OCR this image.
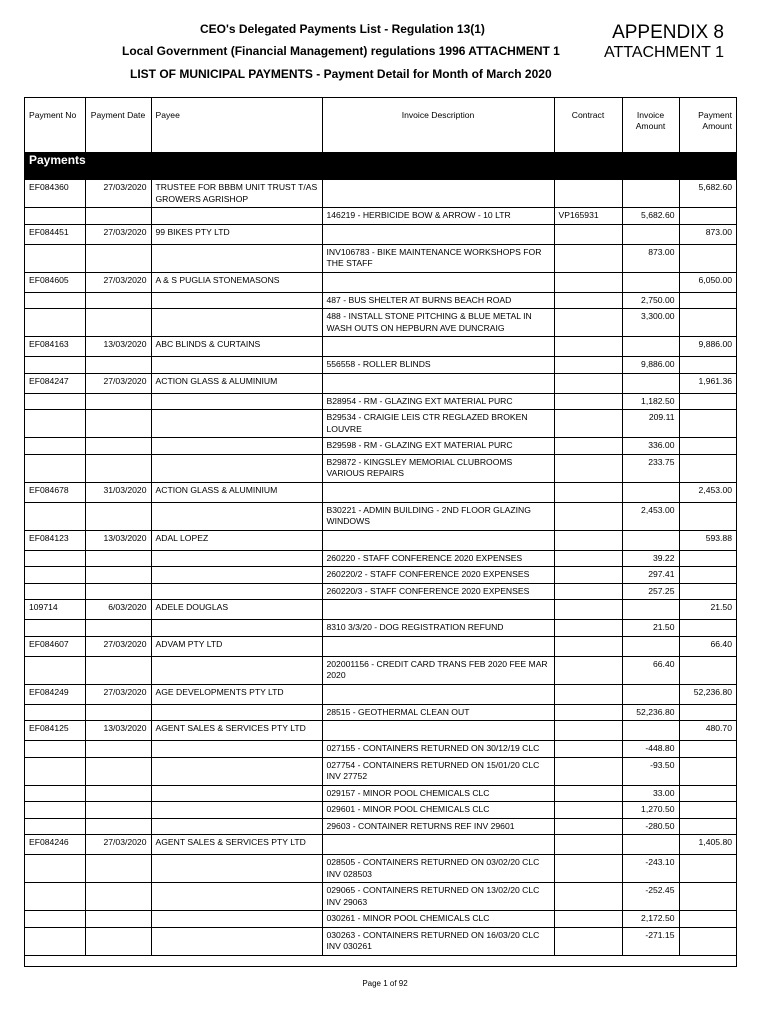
CEO's Delegated Payments List - Regulation 13(1)
Local Government (Financial Management) regulations 1996 ATTACHMENT 1
LIST OF MUNICIPAL PAYMENTS - Payment Detail for Month of March 2020
APPENDIX 8
ATTACHMENT 1
Payment No	Payment Date	Payee	Invoice Description	Contract	Invoice Amount	Payment Amount
Payments						
EF084360	27/03/2020	TRUSTEE FOR BBBM UNIT TRUST T/AS GROWERS AGRISHOP				5,682.60
			146219 - HERBICIDE BOW & ARROW - 10 LTR	VP165931	5,682.60	
EF084451	27/03/2020	99 BIKES PTY LTD				873.00
			INV106783 - BIKE MAINTENANCE WORKSHOPS FOR THE STAFF		873.00	
EF084605	27/03/2020	A & S PUGLIA STONEMASONS				6,050.00
			487 - BUS SHELTER AT BURNS BEACH ROAD		2,750.00	
			488 - INSTALL STONE PITCHING & BLUE METAL IN WASH OUTS ON HEPBURN AVE DUNCRAIG		3,300.00	
EF084163	13/03/2020	ABC BLINDS & CURTAINS				9,886.00
			556558 - ROLLER BLINDS		9,886.00	
EF084247	27/03/2020	ACTION GLASS & ALUMINIUM				1,961.36
			B28954 - RM - GLAZING EXT MATERIAL PURC		1,182.50	
			B29534 - CRAIGIE LEIS CTR REGLAZED BROKEN LOUVRE		209.11	
			B29598 - RM - GLAZING EXT MATERIAL PURC		336.00	
			B29872 - KINGSLEY MEMORIAL CLUBROOMS VARIOUS REPAIRS		233.75	
EF084678	31/03/2020	ACTION GLASS & ALUMINIUM				2,453.00
			B30221 - ADMIN BUILDING - 2ND FLOOR GLAZING WINDOWS		2,453.00	
EF084123	13/03/2020	ADAL LOPEZ				593.88
			260220 - STAFF CONFERENCE 2020 EXPENSES		39.22	
			260220/2 - STAFF CONFERENCE 2020 EXPENSES		297.41	
			260220/3 - STAFF CONFERENCE 2020 EXPENSES		257.25	
109714	6/03/2020	ADELE DOUGLAS				21.50
			8310 3/3/20 - DOG REGISTRATION REFUND		21.50	
EF084607	27/03/2020	ADVAM PTY LTD				66.40
			202001156 - CREDIT CARD TRANS FEB 2020 FEE MAR 2020		66.40	
EF084249	27/03/2020	AGE DEVELOPMENTS PTY LTD				52,236.80
			28515 - GEOTHERMAL CLEAN OUT		52,236.80	
EF084125	13/03/2020	AGENT SALES & SERVICES PTY LTD				480.70
			027155 - CONTAINERS RETURNED ON 30/12/19 CLC		-448.80	
			027754 - CONTAINERS RETURNED ON 15/01/20 CLC INV 27752		-93.50	
			029157 - MINOR POOL CHEMICALS CLC		33.00	
			029601 - MINOR POOL CHEMICALS CLC		1,270.50	
			29603 - CONTAINER RETURNS REF INV 29601		-280.50	
EF084246	27/03/2020	AGENT SALES & SERVICES PTY LTD				1,405.80
			028505 - CONTAINERS RETURNED ON 03/02/20 CLC INV 028503		-243.10	
			029065 - CONTAINERS RETURNED ON 13/02/20 CLC INV 29063		-252.45	
			030261 - MINOR POOL CHEMICALS CLC		2,172.50	
			030263 - CONTAINERS RETURNED ON 16/03/20 CLC INV 030261		-271.15	
Page 1 of 92
